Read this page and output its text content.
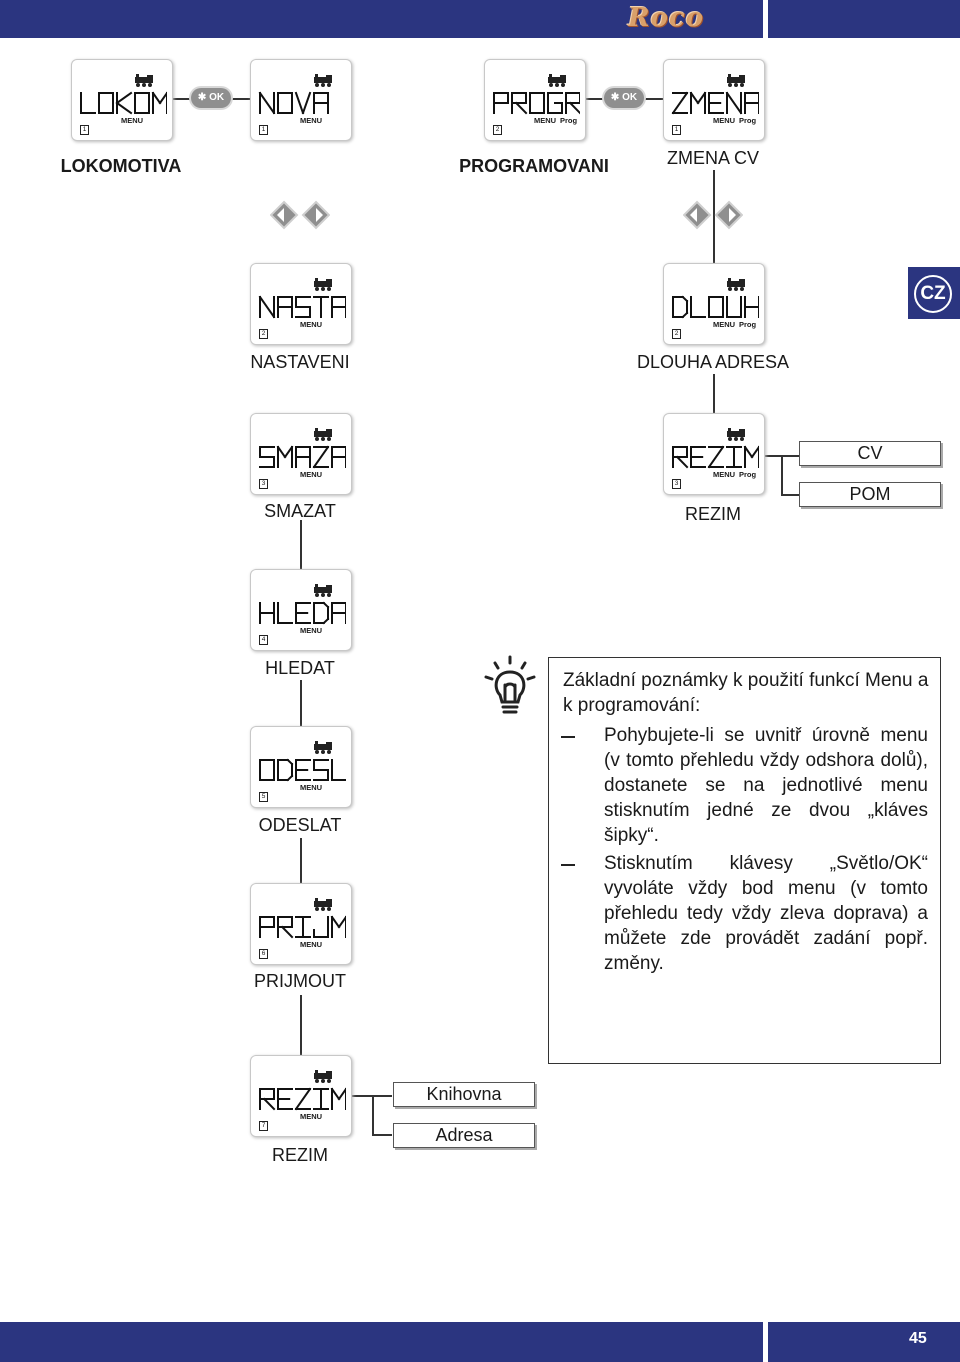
Roco
45
CZ
✱ OK	✱ OK
MENU
1
LOKOMOTIVA
MENU
1
MENU Prog
2
PROGRAMOVANI
MENU Prog
1
ZMENA CV
MENU
2
NASTAVENI
MENU Prog
2
DLOUHA ADRESA
MENU
3
SMAZAT
MENU Prog
3
REZIM
MENU
4
HLEDAT
MENU
5
ODESLAT
MENU
6
PRIJMOUT
MENU
7
REZIM
CV
POM
Knihovna
Adresa
Základní poznámky k použití funkcí Menu a k programování:
Pohybujete-li se uvnitř úrovně menu (v tomto přehledu vždy odshora dolů), dostanete se na jednotlivé menu stisknutím jedné ze dvou „kláves šipky“.
Stisknutím klávesy „Světlo/OK“ vyvoláte vždy bod menu (v tomto přehledu tedy vždy zleva doprava) a můžete zde provádět zadání popř. změny.
